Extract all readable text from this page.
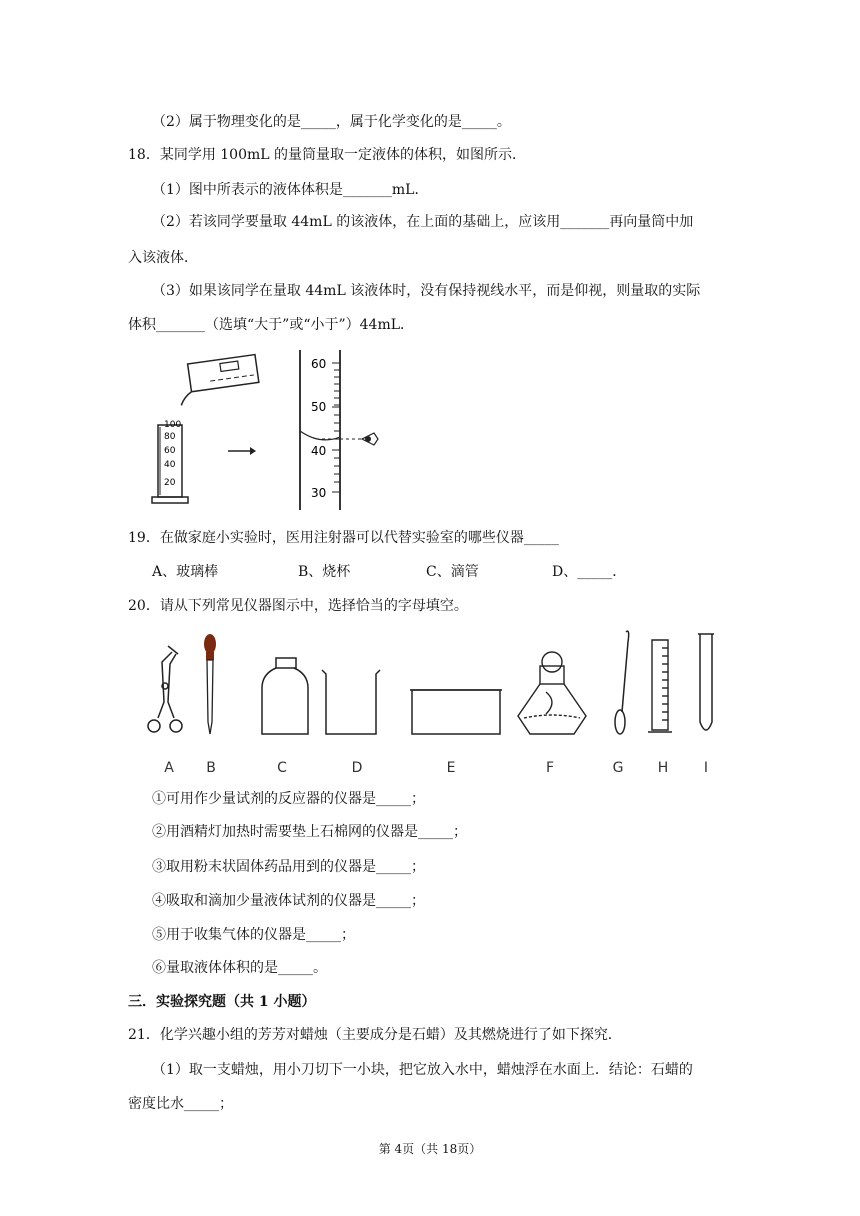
（2）属于物理变化的是_____，属于化学变化的是_____。
18．某同学用 100mL 的量筒量取一定液体的体积，如图所示．
（1）图中所表示的液体体积是_______mL．
（2）若该同学要量取 44mL 的该液体，在上面的基础上，应该用_______再向量筒中加
入该液体．
（3）如果该同学在量取 44mL 该液体时，没有保持视线水平，而是仰视，则量取的实际
体积_______（选填“大于”或“小于”）44mL．
100
80
60
40
20
60
50
40
30
19．在做家庭小实验时，医用注射器可以代替实验室的哪些仪器_____
A、玻璃棒	B、烧杯	C、滴管	D、_____．
20．请从下列常见仪器图示中，选择恰当的字母填空。
A	B	C	D	E	F	G	H	I
①可用作少量试剂的反应器的仪器是_____；
②用酒精灯加热时需要垫上石棉网的仪器是_____；
③取用粉末状固体药品用到的仪器是_____；
④吸取和滴加少量液体试剂的仪器是_____；
⑤用于收集气体的仪器是_____；
⑥量取液体体积的是_____。
三．实验探究题（共 1 小题）
21．化学兴趣小组的芳芳对蜡烛（主要成分是石蜡）及其燃烧进行了如下探究．
（1）取一支蜡烛，用小刀切下一小块，把它放入水中，蜡烛浮在水面上．结论：石蜡的
密度比水_____；
第 4页（共 18页）
